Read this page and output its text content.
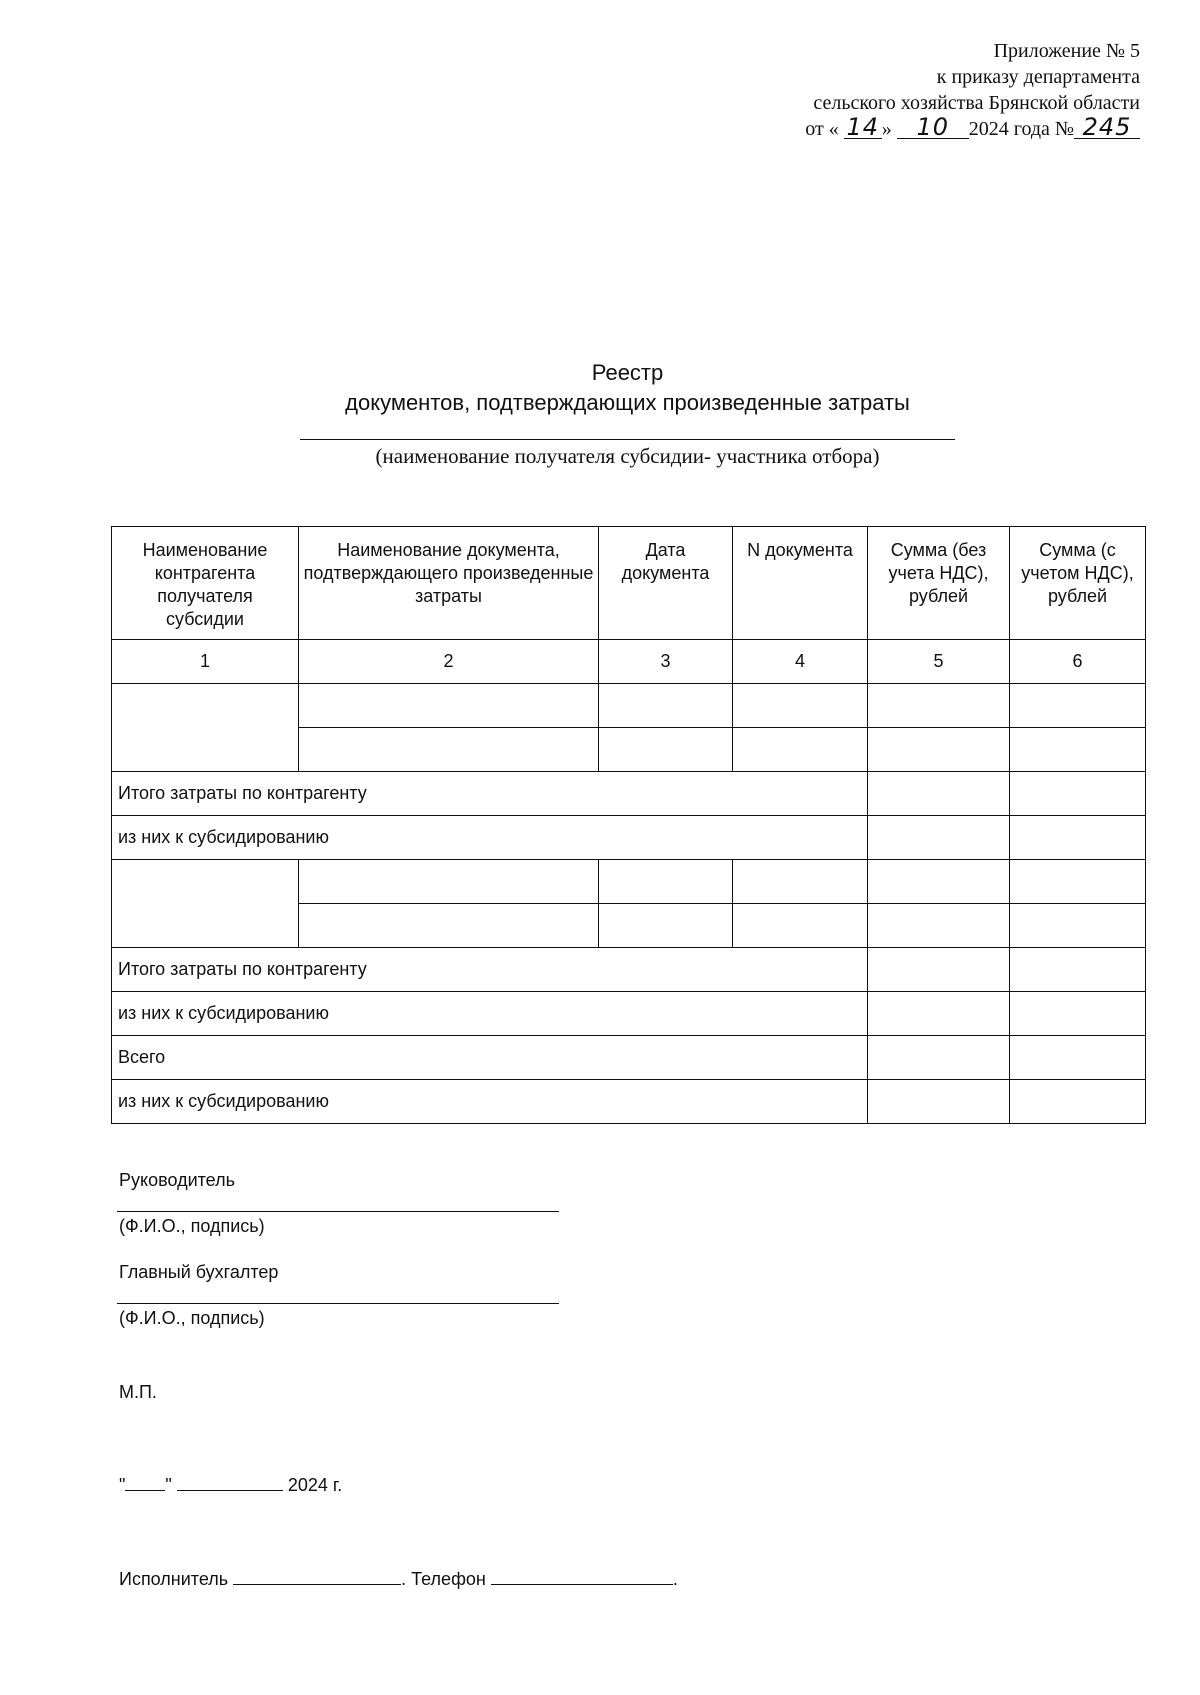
Приложение № 5
к приказу департамента
сельского хозяйства Брянской области
от « 14 » 10 2024 года № 245
Реестр
документов, подтверждающих произведенные затраты
(наименование получателя субсидии- участника отбора)
Наименование контрагента получателя субсидии	Наименование документа, подтверждающего произведенные затраты	Дата документа	N документа	Сумма (без учета НДС), рублей	Сумма (с учетом НДС), рублей
1	2	3	4	5	6

Итого затраты по контрагенту					
из них к субсидированию					

Итого затраты по контрагенту					
из них к субсидированию					
Всего					
из них к субсидированию					
Руководитель
(Ф.И.О., подпись)
Главный бухгалтер
(Ф.И.О., подпись)
М.П.
" "	2024 г.
Исполнитель	. Телефон	.
